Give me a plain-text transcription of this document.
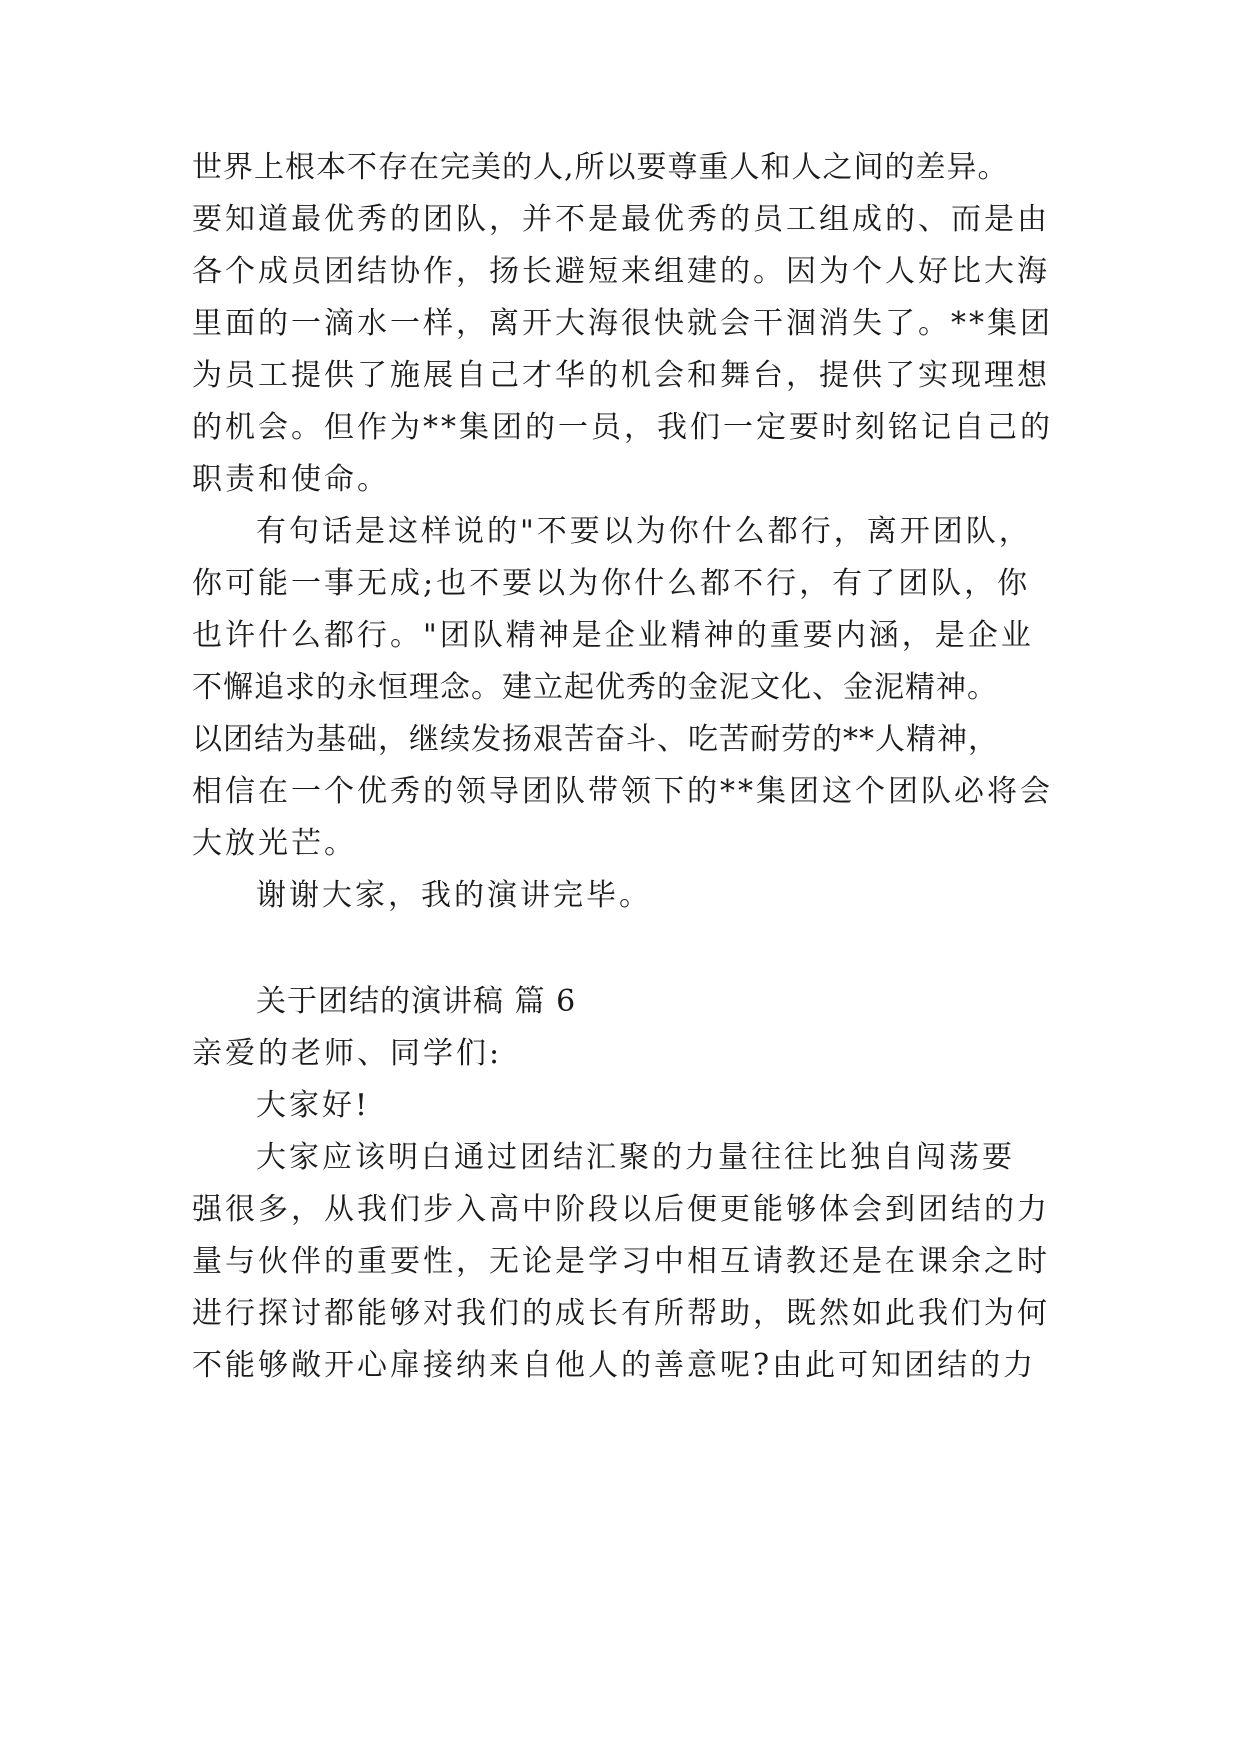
世界上根本不存在完美的人,所以要尊重人和人之间的差异。
要知道最优秀的团队，并不是最优秀的员工组成的、而是由
各个成员团结协作，扬长避短来组建的。因为个人好比大海
里面的一滴水一样，离开大海很快就会干涸消失了。**集团
为员工提供了施展自己才华的机会和舞台，提供了实现理想
的机会。但作为**集团的一员，我们一定要时刻铭记自己的
职责和使命。
有句话是这样说的"不要以为你什么都行，离开团队，
你可能一事无成;也不要以为你什么都不行，有了团队，你
也许什么都行。"团队精神是企业精神的重要内涵，是企业
不懈追求的永恒理念。建立起优秀的金泥文化、金泥精神。
以团结为基础，继续发扬艰苦奋斗、吃苦耐劳的**人精神，
相信在一个优秀的领导团队带领下的**集团这个团队必将会
大放光芒。
谢谢大家，我的演讲完毕。
关于团结的演讲稿 篇 6
亲爱的老师、同学们:
大家好!
大家应该明白通过团结汇聚的力量往往比独自闯荡要
强很多，从我们步入高中阶段以后便更能够体会到团结的力
量与伙伴的重要性，无论是学习中相互请教还是在课余之时
进行探讨都能够对我们的成长有所帮助，既然如此我们为何
不能够敞开心扉接纳来自他人的善意呢?由此可知团结的力
